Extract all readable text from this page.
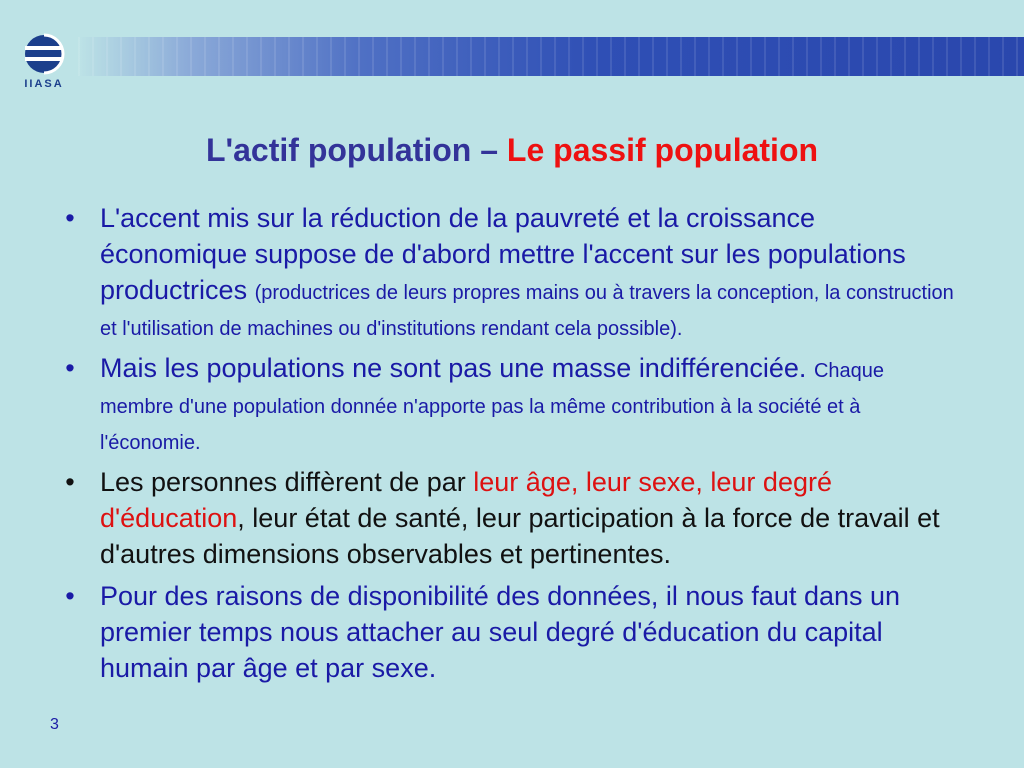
IIASA
L'actif population – Le passif population
• L'accent mis sur la réduction de la pauvreté et la croissance économique suppose de d'abord mettre l'accent sur les populations productrices (productrices de leurs propres mains ou à travers la conception, la construction et l'utilisation de machines ou d'institutions rendant cela possible).
• Mais les populations ne sont pas une masse indifférenciée. Chaque membre d'une population donnée n'apporte pas la même contribution à la société et à l'économie.
• Les personnes diffèrent de par leur âge, leur sexe, leur degré d'éducation, leur état de santé, leur participation à la force de travail et d'autres dimensions observables et pertinentes.
• Pour des raisons de disponibilité des données, il nous faut dans un premier temps nous attacher au seul degré d'éducation du capital humain par âge et par sexe.
3
